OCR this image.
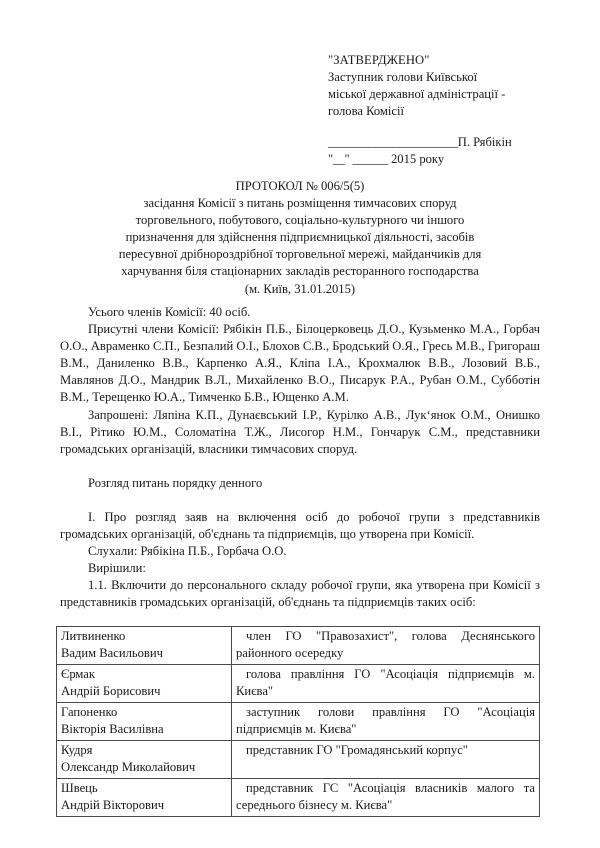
"ЗАТВЕРДЖЕНО"
Заступник голови Київської
міської державної адміністрації -
голова Комісії
______________________П. Рябікін
"__" ______ 2015 року
ПРОТОКОЛ № 006/5(5)
засідання Комісії з питань розміщення тимчасових споруд
торговельного, побутового, соціально-культурного чи іншого
призначення для здійснення підприємницької діяльності, засобів
пересувної дрібнороздрібної торговельної мережі, майданчиків для
харчування біля стаціонарних закладів ресторанного господарства
(м. Київ, 31.01.2015)

Усього членів Комісії: 40 осіб.

Присутні члени Комісії: Рябікін П.Б., Білоцерковець Д.О., Кузьменко М.А., Горбач О.О., Авраменко С.П., Безпалий О.І., Блохов С.В., Бродський О.Я., Гресь М.В., Григораш В.М., Даниленко В.В., Карпенко А.Я., Кліпа І.А., Крохмалюк В.В., Лозовий В.Б., Мавлянов Д.О., Мандрик В.Л., Михайленко В.О., Писарук Р.А., Рубан О.М., Субботін В.М., Терещенко Ю.А., Тимченко Б.В., Ющенко А.М.

Запрошені: Ляпіна К.П., Дунаєвський І.Р., Курілко А.В., Лук‘янок О.М., Онишко В.І., Рітико Ю.М., Соломатіна Т.Ж., Лисогор Н.М., Гончарук С.М., представники громадських організацій, власники тимчасових споруд.

Розгляд питань порядку денного

І. Про розгляд заяв на включення осіб до робочої групи з представників громадських організацій, об'єднань та підприємців, що утворена при Комісії.

Слухали: Рябікіна П.Б., Горбача О.О.

Вирішили:

1.1. Включити до персонального складу робочої групи, яка утворена при Комісії з представників громадських організацій, об'єднань та підприємців таких осіб:

Литвиненко
Вадим Васильович	член ГО "Правозахист", голова Деснянського районного осередку

Єрмак
Андрій Борисович	голова правління ГО "Асоціація підприємців м. Києва"

Гапоненко
Вікторія Василівна	заступник голови правління ГО "Асоціація підприємців м. Києва"

Кудря
Олександр Миколайович	представник ГО "Громадянський корпус"

Швець
Андрій Вікторович	представник ГС "Асоціація власників малого та середнього бізнесу м. Києва"
